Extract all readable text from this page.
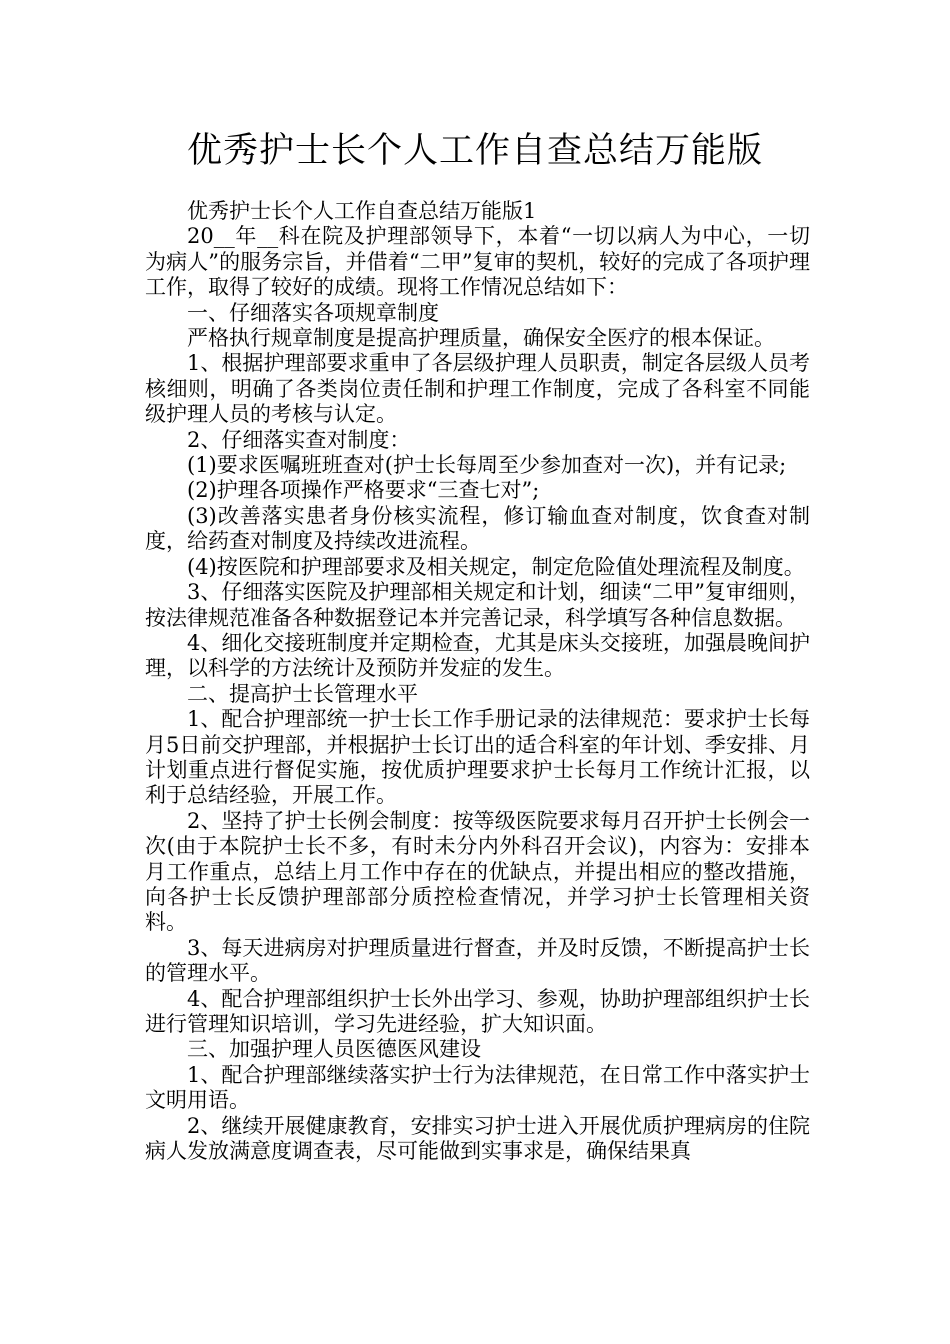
优秀护士长个人工作自查总结万能版

优秀护士长个人工作自查总结万能版1

20__年__科在院及护理部领导下，本着“一切以病人为中心，一切为病人”的服务宗旨，并借着“二甲”复审的契机，较好的完成了各项护理工作，取得了较好的成绩。现将工作情况总结如下：

一、仔细落实各项规章制度

严格执行规章制度是提高护理质量，确保安全医疗的根本保证。

1、根据护理部要求重申了各层级护理人员职责，制定各层级人员考核细则，明确了各类岗位责任制和护理工作制度，完成了各科室不同能级护理人员的考核与认定。

2、仔细落实查对制度：

(1)要求医嘱班班查对(护士长每周至少参加查对一次)，并有记录;

(2)护理各项操作严格要求“三查七对”;

(3)改善落实患者身份核实流程，修订输血查对制度，饮食查对制度，给药查对制度及持续改进流程。

(4)按医院和护理部要求及相关规定，制定危险值处理流程及制度。

3、仔细落实医院及护理部相关规定和计划，细读“二甲”复审细则，按法律规范准备各种数据登记本并完善记录，科学填写各种信息数据。

4、细化交接班制度并定期检查，尤其是床头交接班，加强晨晚间护理，以科学的方法统计及预防并发症的发生。

二、提高护士长管理水平

1、配合护理部统一护士长工作手册记录的法律规范：要求护士长每月5日前交护理部，并根据护士长订出的适合科室的年计划、季安排、月计划重点进行督促实施，按优质护理要求护士长每月工作统计汇报，以利于总结经验，开展工作。

2、坚持了护士长例会制度：按等级医院要求每月召开护士长例会一次(由于本院护士长不多，有时未分内外科召开会议)，内容为：安排本月工作重点，总结上月工作中存在的优缺点，并提出相应的整改措施，向各护士长反馈护理部部分质控检查情况，并学习护士长管理相关资料。

3、每天进病房对护理质量进行督查，并及时反馈，不断提高护士长的管理水平。

4、配合护理部组织护士长外出学习、参观，协助护理部组织护士长进行管理知识培训，学习先进经验，扩大知识面。

三、加强护理人员医德医风建设

1、配合护理部继续落实护士行为法律规范，在日常工作中落实护士文明用语。

2、继续开展健康教育，安排实习护士进入开展优质护理病房的住院病人发放满意度调查表，尽可能做到实事求是，确保结果真
